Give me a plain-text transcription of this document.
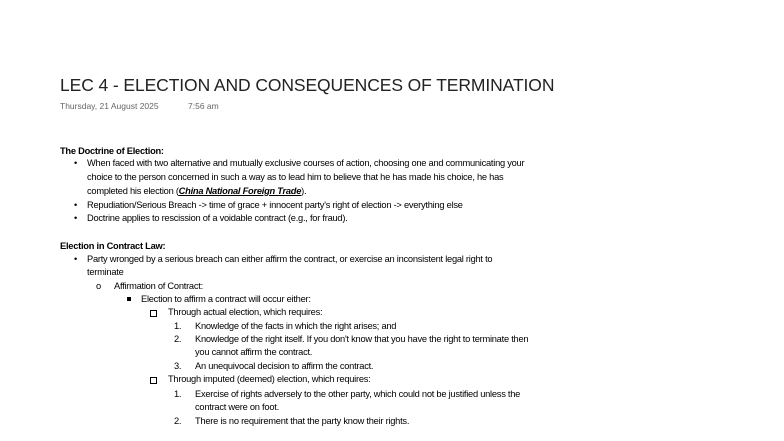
LEC 4 - ELECTION AND CONSEQUENCES OF TERMINATION
Thursday, 21 August 2025	7:56 am
The Doctrine of Election:
• When faced with two alternative and mutually exclusive courses of action, choosing one and communicating your
choice to the person concerned in such a way as to lead him to believe that he has made his choice, he has
completed his election (China National Foreign Trade).
• Repudiation/Serious Breach -> time of grace + innocent party's right of election -> everything else
• Doctrine applies to rescission of a voidable contract (e.g., for fraud).
Election in Contract Law:
• Party wronged by a serious breach can either affirm the contract, or exercise an inconsistent legal right to
terminate
o Affirmation of Contract:
Election to affirm a contract will occur either:
Through actual election, which requires:
1. Knowledge of the facts in which the right arises; and
2. Knowledge of the right itself. If you don't know that you have the right to terminate then
you cannot affirm the contract.
3. An unequivocal decision to affirm the contract.
Through imputed (deemed) election, which requires:
1. Exercise of rights adversely to the other party, which could not be justified unless the
contract were on foot.
2. There is no requirement that the party know their rights.
